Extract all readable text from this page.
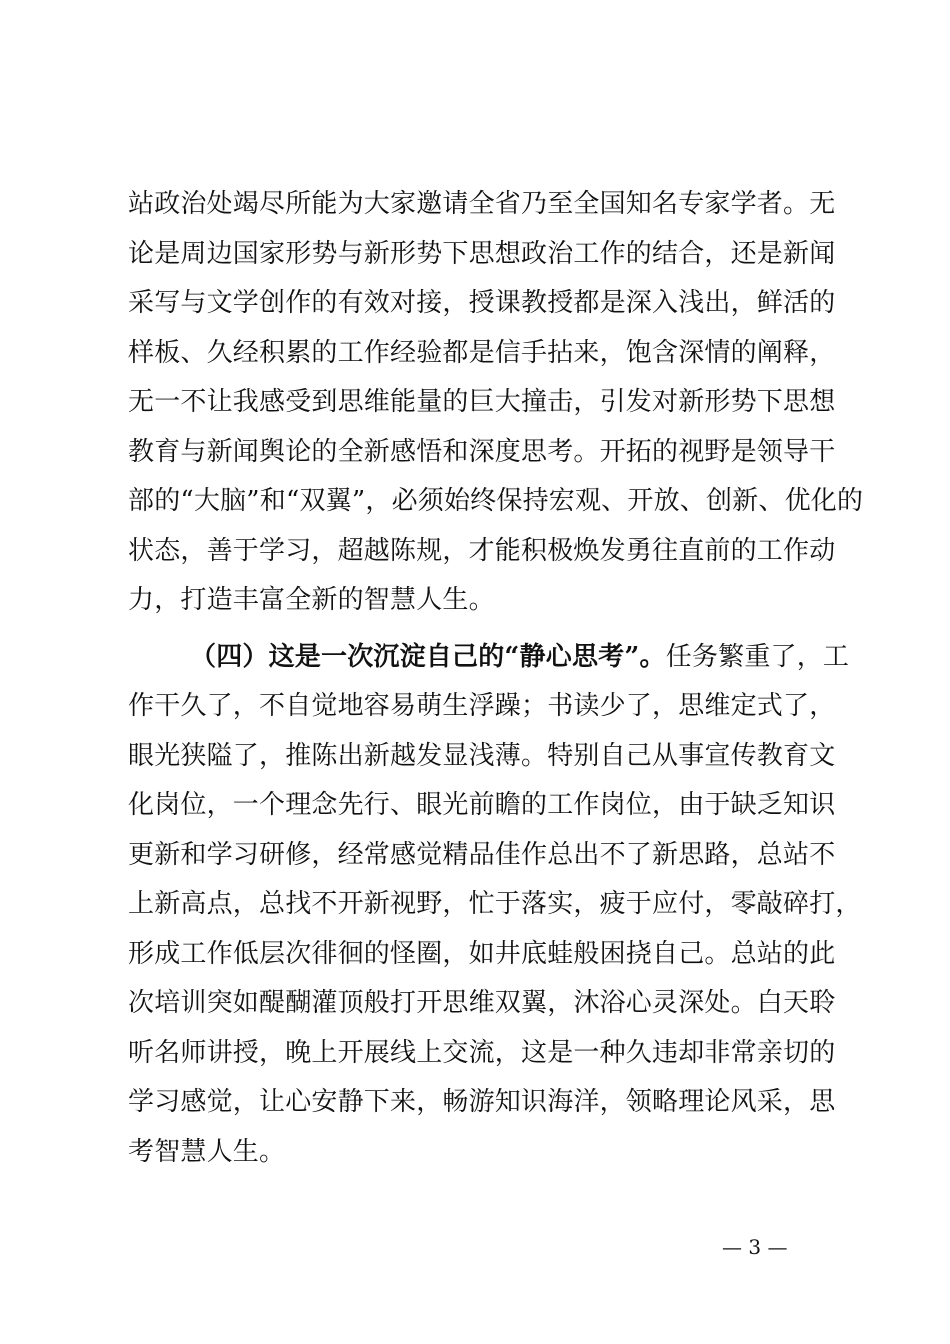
站政治处竭尽所能为大家邀请全省乃至全国知名专家学者。无
论是周边国家形势与新形势下思想政治工作的结合，还是新闻
采写与文学创作的有效对接，授课教授都是深入浅出，鲜活的
样板、久经积累的工作经验都是信手拈来，饱含深情的阐释，
无一不让我感受到思维能量的巨大撞击，引发对新形势下思想
教育与新闻舆论的全新感悟和深度思考。开拓的视野是领导干
部的“大脑”和“双翼”，必须始终保持宏观、开放、创新、优化的
状态，善于学习，超越陈规，才能积极焕发勇往直前的工作动
力，打造丰富全新的智慧人生。
（四）这是一次沉淀自己的“静心思考”。任务繁重了，工
作干久了，不自觉地容易萌生浮躁；书读少了，思维定式了，
眼光狭隘了，推陈出新越发显浅薄。特别自己从事宣传教育文
化岗位，一个理念先行、眼光前瞻的工作岗位，由于缺乏知识
更新和学习研修，经常感觉精品佳作总出不了新思路，总站不
上新高点，总找不开新视野，忙于落实，疲于应付，零敲碎打，
形成工作低层次徘徊的怪圈，如井底蛙般困挠自己。总站的此
次培训突如醍醐灌顶般打开思维双翼，沐浴心灵深处。白天聆
听名师讲授，晚上开展线上交流，这是一种久违却非常亲切的
学习感觉，让心安静下来，畅游知识海洋，领略理论风采，思
考智慧人生。
— 3 —
